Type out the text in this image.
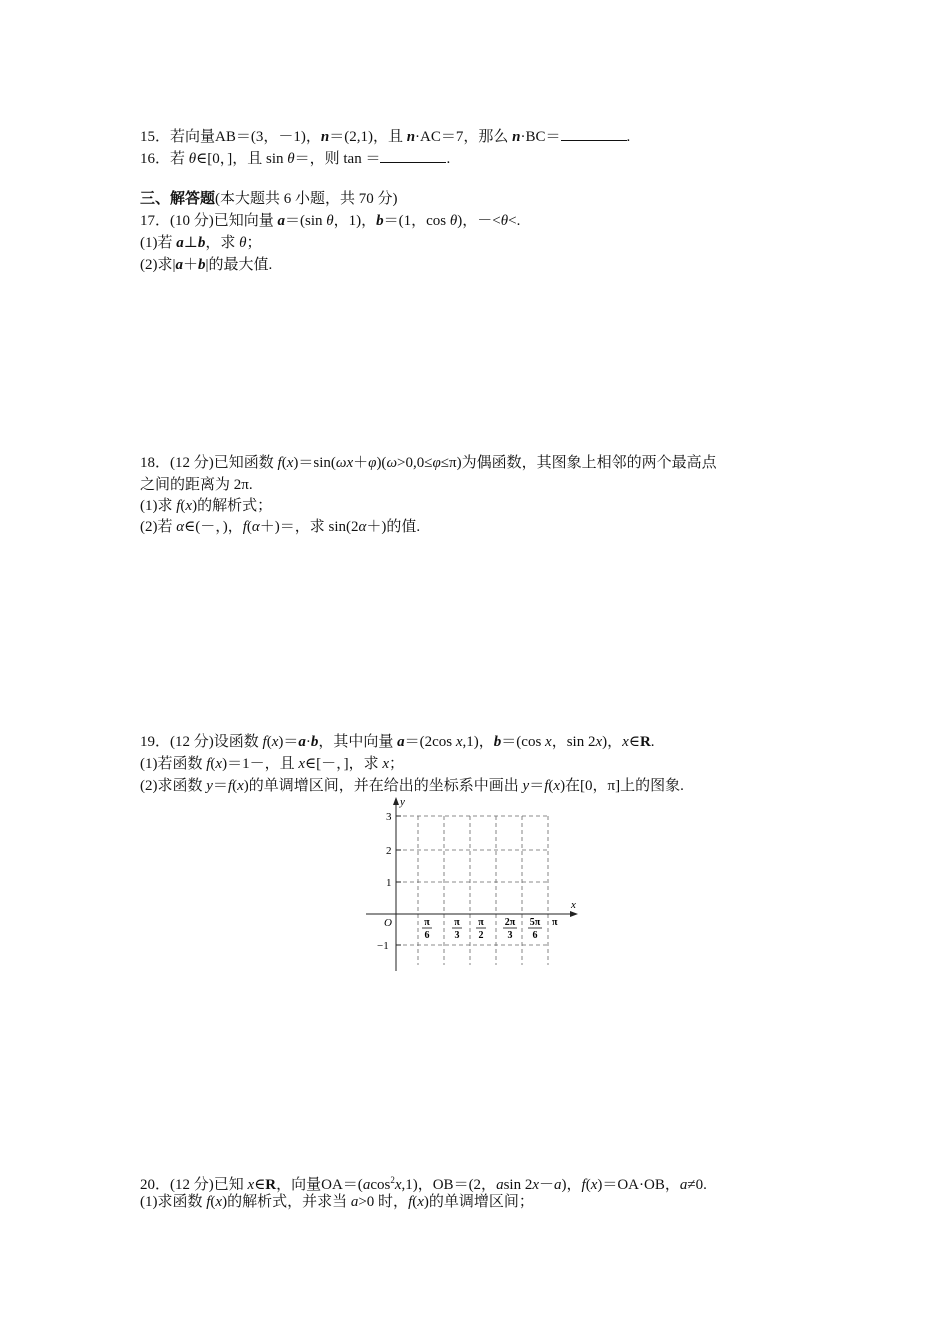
15．若向量AB＝(3，－1)，n＝(2,1)，且 n·AC＝7，那么 n·BC＝	.
16．若 θ∈[0，]，且 sin θ＝，则 tan ＝	.
三、解答题(本大题共 6 小题，共 70 分)
17．(10 分)已知向量 a＝(sin θ，1)，b＝(1，cos θ)，－<θ<.
(1)若 a⊥b，求 θ；
(2)求|a＋b|的最大值.
18．(12 分)已知函数 f(x)＝sin(ωx＋φ)(ω>0,0≤φ≤π)为偶函数，其图象上相邻的两个最高点
之间的距离为 2π.
(1)求 f(x)的解析式；
(2)若 α∈(－，)，f(α＋)＝，求 sin(2α＋)的值.
19．(12 分)设函数 f(x)＝a·b，其中向量 a＝(2cos x,1)，b＝(cos x，sin 2x)，x∈R.
(1)若函数 f(x)＝1－，且 x∈[－，]，求 x；
(2)求函数 y＝f(x)的单调增区间，并在给出的坐标系中画出 y＝f(x)在[0，π]上的图象.
y
x
O
3
2
1
−1
π
6
π
3
π
2
2π
3
5π
6
π
20．(12 分)已知 x∈R，向量OA＝(acos$^2$x,1)，OB＝(2，asin 2x－a)，f(x)＝OA·OB，a≠0.
(1)求函数 f(x)的解析式，并求当 a>0 时，f(x)的单调增区间；
